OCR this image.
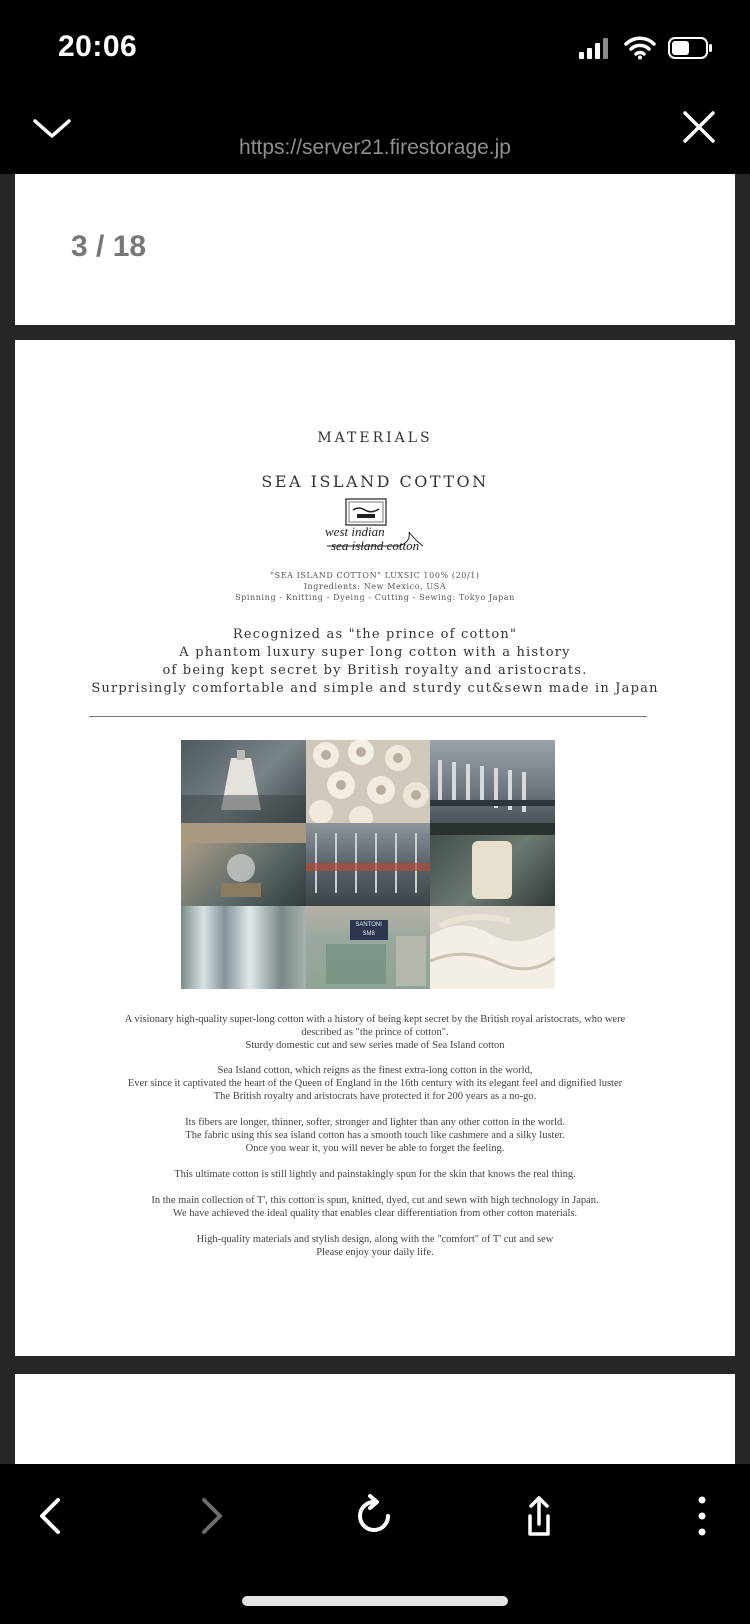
20:06
https://server21.firestorage.jp
3 / 18
MATERIALS
SEA ISLAND COTTON
west indian
sea island cotton
"SEA ISLAND COTTON" LUXSIC 100% (20/1)
Ingredients: New Mexico, USA
Spinning - Knitting - Dyeing - Cutting - Sewing: Tokyo Japan
Recognized as "the prince of cotton"
A phantom luxury super long cotton with a history
of being kept secret by British royalty and aristocrats.
Surprisingly comfortable and simple and sturdy cut&sewn made in Japan
SANTONI
SM8
A visionary high-quality super-long cotton with a history of being kept secret by the British royal aristocrats, who were
described as "the prince of cotton".
Sturdy domestic cut and sew series made of Sea Island cotton
Sea Island cotton, which reigns as the finest extra-long cotton in the world,
Ever since it captivated the heart of the Queen of England in the 16th century with its elegant feel and dignified luster
The British royalty and aristocrats have protected it for 200 years as a no-go.
Its fibers are longer, thinner, softer, stronger and lighter than any other cotton in the world.
The fabric using this sea island cotton has a smooth touch like cashmere and a silky luster.
Once you wear it, you will never be able to forget the feeling.
This ultimate cotton is still lightly and painstakingly spun for the skin that knows the real thing.
In the main collection of T', this cotton is spun, knitted, dyed, cut and sewn with high technology in Japan.
We have achieved the ideal quality that enables clear differentiation from other cotton materials.
High-quality materials and stylish design, along with the "comfort" of T' cut and sew
Please enjoy your daily life.
